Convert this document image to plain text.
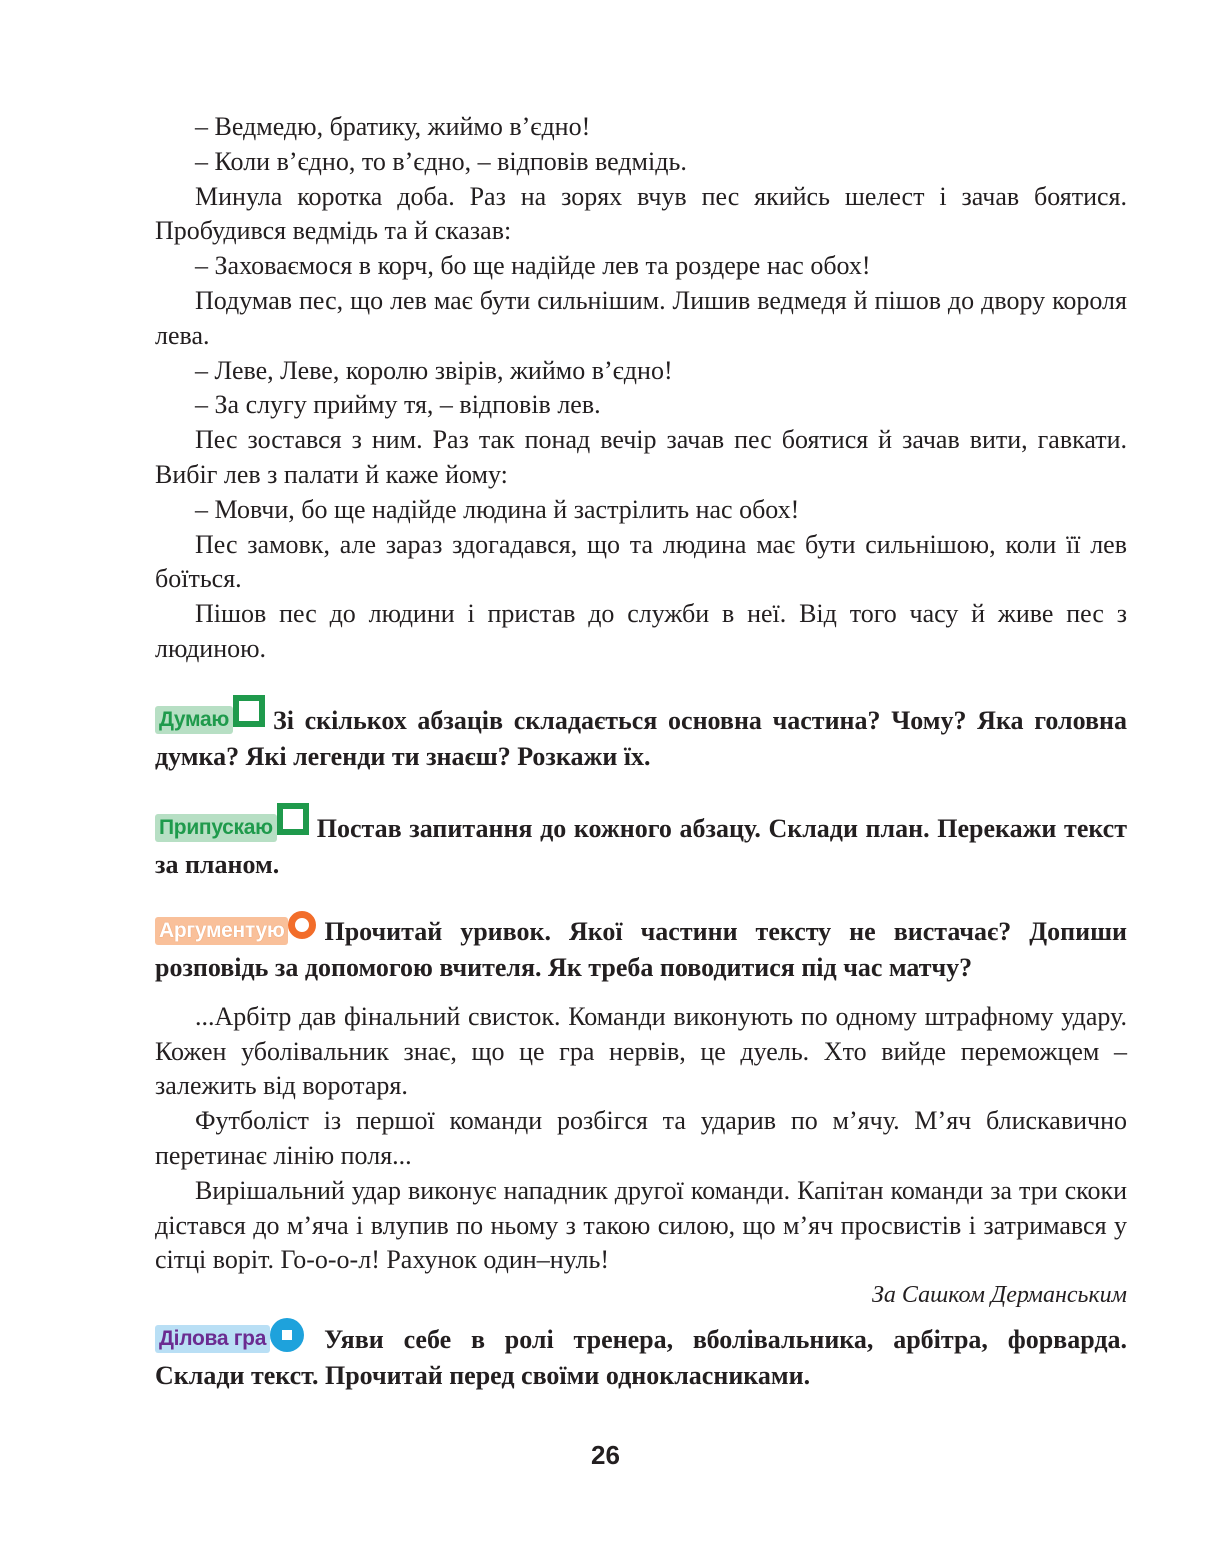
– Ведмедю, братику, жиймо в’єдно!

– Коли в’єдно, то в’єдно, – відповів ведмідь.

Минула коротка доба. Раз на зорях вчув пес якийсь шелест і зачав боятися. Пробудився ведмідь та й сказав:

– Заховаємося в корч, бо ще надійде лев та роздере нас обох!

Подумав пес, що лев має бути сильнішим. Лишив ведмедя й пішов до двору короля лева.

– Леве, Леве, королю звірів, жиймо в’єдно!

– За слугу прийму тя, – відповів лев.

Пес зостався з ним. Раз так понад вечір зачав пес боятися й зачав вити, гавкати. Вибіг лев з палати й каже йому:

– Мовчи, бо ще надійде людина й застрілить нас обох!

Пес замовк, але зараз здогадався, що та людина має бути сильнішою, коли її лев боїться.

Пішов пес до людини і пристав до служби в неї. Від того часу й живе пес з людиною.

Думаю Зі скількох абзаців складається основна частина? Чому? Яка головна думка? Які легенди ти знаєш? Розкажи їх.

Припускаю Постав запитання до кожного абзацу. Склади план. Перекажи текст за планом.

Аргументую Прочитай уривок. Якої частини тексту не вистачає? Допиши розповідь за допомогою вчителя. Як треба поводитися під час матчу?

...Арбітр дав фінальний свисток. Команди виконують по одному штрафному удару. Кожен уболівальник знає, що це гра нервів, це дуель. Хто вийде переможцем – залежить від воротаря.

Футболіст із першої команди розбігся та ударив по м’ячу. М’яч блискавично перетинає лінію поля...

Вирішальний удар виконує нападник другої команди. Капітан команди за три скоки дістався до м’яча і влупив по ньому з такою силою, що м’яч просвистів і затримався у сітці воріт. Го-о-о-л! Рахунок один–нуль!

За Сашком Дерманським

Ділова гра Уяви себе в ролі тренера, вболівальника, арбітра, форварда. Склади текст. Прочитай перед своїми однокласниками.

26
